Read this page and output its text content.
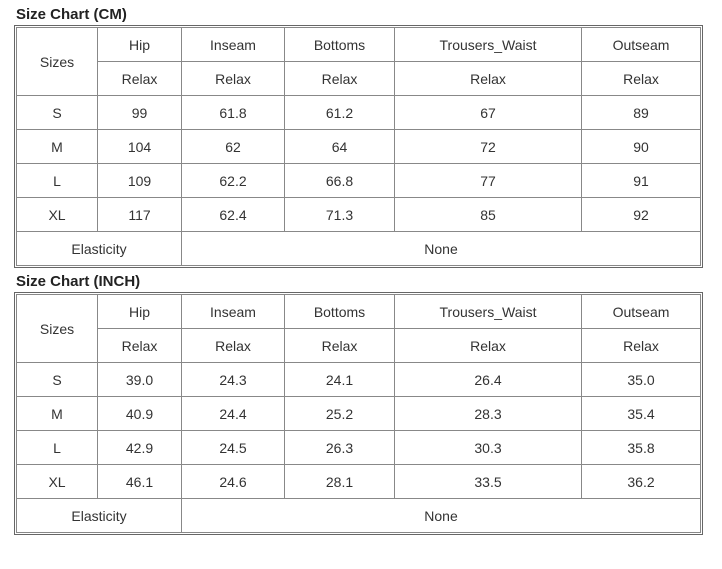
Size Chart (CM)
Sizes	Hip	Inseam	Bottoms	Trousers_Waist	Outseam
	Relax	Relax	Relax	Relax	Relax
S	99	61.8	61.2	67	89
M	104	62	64	72	90
L	109	62.2	66.8	77	91
XL	117	62.4	71.3	85	92
Elasticity		None			
Size Chart (INCH)
Sizes	Hip	Inseam	Bottoms	Trousers_Waist	Outseam
	Relax	Relax	Relax	Relax	Relax
S	39.0	24.3	24.1	26.4	35.0
M	40.9	24.4	25.2	28.3	35.4
L	42.9	24.5	26.3	30.3	35.8
XL	46.1	24.6	28.1	33.5	36.2
Elasticity		None			
